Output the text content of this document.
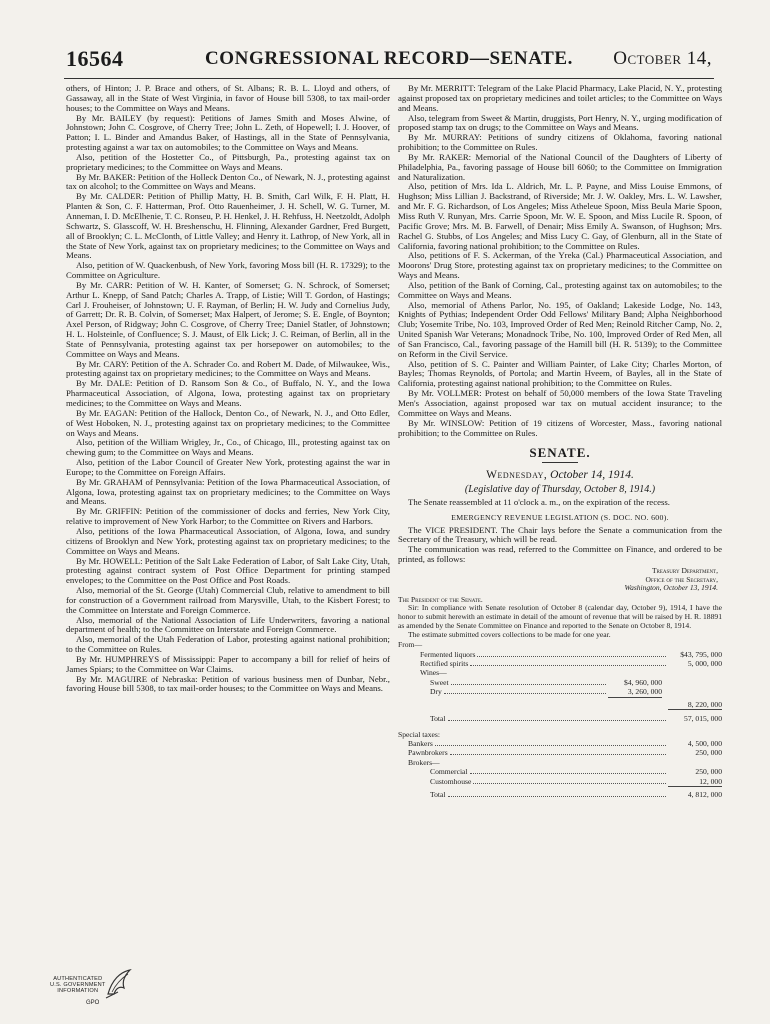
16564	CONGRESSIONAL RECORD—SENATE.	October 14,

others, of Hinton; J. P. Brace and others, of St. Albans; R. B. L. Lloyd and others, of Gassaway, all in the State of West Virginia, in favor of House bill 5308, to tax mail-order houses; to the Committee on Ways and Means.

By Mr. BAILEY (by request): Petitions of James Smith and Moses Alwine, of Johnstown; John C. Cosgrove, of Cherry Tree; John L. Zeth, of Hopewell; I. J. Hoover, of Patton; I. L. Binder and Amandus Baker, of Hastings, all in the State of Pennsylvania, protesting against a war tax on automobiles; to the Committee on Ways and Means.

Also, petition of the Hostetter Co., of Pittsburgh, Pa., protesting against tax on proprietary medicines; to the Committee on Ways and Means.

By Mr. BAKER: Petition of the Holleck Denton Co., of Newark, N. J., protesting against tax on alcohol; to the Committee on Ways and Means.

By Mr. CALDER: Petition of Phillip Matty, H. B. Smith, Carl Wilk, F. H. Platt, H. Planten & Son, C. F. Hatterman, Prof. Otto Rauenheimer, J. H. Schell, W. G. Turner, M. Anneman, I. D. McElhenie, T. C. Ronseu, P. H. Henkel, J. H. Rehfuss, H. Neetzoldt, Adolph Schwartz, S. Glasscoff, W. H. Breshenschu, H. Flinning, Alexander Gardner, Fred Burgett, all of Brooklyn; C. L. McClonth, of Little Valley; and Henry it. Lathrop, of New York, all in the State of New York, against tax on proprietary medicines; to the Committee on Ways and Means.

Also, petition of W. Quackenbush, of New York, favoring Moss bill (H. R. 17329); to the Committee on Agriculture.

By Mr. CARR: Petition of W. H. Kanter, of Somerset; G. N. Schrock, of Somerset; Arthur L. Knepp, of Sand Patch; Charles A. Trapp, of Listie; Will T. Gordon, of Hastings; Carl J. Frouheiser, of Johnstown; U. F. Rayman, of Berlin; H. W. Judy and Cornelius Judy, of Garrett; Dr. R. B. Colvin, of Somerset; Max Halpert, of Jerome; S. E. Engle, of Boynton; Axel Person, of Ridgway; John C. Cosgrove, of Cherry Tree; Daniel Statler, of Johnstown; H. L. Holsteinle, of Confluence; S. J. Maust, of Elk Lick; J. C. Reiman, of Berlin, all in the State of Pennsylvania, protesting against tax per horsepower on automobiles; to the Committee on Ways and Means.

By Mr. CARY: Petition of the A. Schrader Co. and Robert M. Dade, of Milwaukee, Wis., protesting against tax on proprietary medicines; to the Committee on Ways and Means.

By Mr. DALE: Petition of D. Ransom Son & Co., of Buffalo, N. Y., and the Iowa Pharmaceutical Association, of Algona, Iowa, protesting against tax on proprietary medicines; to the Committee on Ways and Means.

By Mr. EAGAN: Petition of the Hallock, Denton Co., of Newark, N. J., and Otto Edler, of West Hoboken, N. J., protesting against tax on proprietary medicines; to the Committee on Ways and Means.

Also, petition of the William Wrigley, Jr., Co., of Chicago, Ill., protesting against tax on chewing gum; to the Committee on Ways and Means.

Also, petition of the Labor Council of Greater New York, protesting against the war in Europe; to the Committee on Foreign Affairs.

By Mr. GRAHAM of Pennsylvania: Petition of the Iowa Pharmaceutical Association, of Algona, Iowa, protesting against tax on proprietary medicines; to the Committee on Ways and Means.

By Mr. GRIFFIN: Petition of the commissioner of docks and ferries, New York City, relative to improvement of New York Harbor; to the Committee on Rivers and Harbors.

Also, petitions of the Iowa Pharmaceutical Association, of Algona, Iowa, and sundry citizens of Brooklyn and New York, protesting against tax on proprietary medicines; to the Committee on Ways and Means.

By Mr. HOWELL: Petition of the Salt Lake Federation of Labor, of Salt Lake City, Utah, protesting against contract system of Post Office Department for printing stamped envelopes; to the Committee on the Post Office and Post Roads.

Also, memorial of the St. George (Utah) Commercial Club, relative to amendment to bill for construction of a Government railroad from Marysville, Utah, to the Kisbert Forest; to the Committee on Interstate and Foreign Commerce.

Also, memorial of the National Association of Life Underwriters, favoring a national department of health; to the Committee on Interstate and Foreign Commerce.

Also, memorial of the Utah Federation of Labor, protesting against national prohibition; to the Committee on Rules.

By Mr. HUMPHREYS of Mississippi: Paper to accompany a bill for relief of heirs of James Spiars; to the Committee on War Claims.

By Mr. MAGUIRE of Nebraska: Petition of various business men of Dunbar, Nebr., favoring House bill 5308, to tax mail-order houses; to the Committee on Ways and Means.

By Mr. MERRITT: Telegram of the Lake Placid Pharmacy, Lake Placid, N. Y., protesting against proposed tax on proprietary medicines and toilet articles; to the Committee on Ways and Means.

Also, telegram from Sweet & Martin, druggists, Port Henry, N. Y., urging modification of proposed stamp tax on drugs; to the Committee on Ways and Means.

By Mr. MURRAY: Petitions of sundry citizens of Oklahoma, favoring national prohibition; to the Committee on Rules.

By Mr. RAKER: Memorial of the National Council of the Daughters of Liberty of Philadelphia, Pa., favoring passage of House bill 6060; to the Committee on Immigration and Naturalization.

Also, petition of Mrs. Ida L. Aldrich, Mr. L. P. Payne, and Miss Louise Emmons, of Hughson; Miss Lillian J. Backstrand, of Riverside; Mr. J. W. Oakley, Mrs. L. W. Lawsher, and Mr. F. G. Richardson, of Los Angeles; Miss Atheleue Spoon, Miss Beula Marie Spoon, Miss Ruth V. Runyan, Mrs. Carrie Spoon, Mr. W. E. Spoon, and Miss Lucile R. Spoon, of Pacific Grove; Mrs. M. B. Farwell, of Denair; Miss Emily A. Swanson, of Hughson; Mrs. Rachel G. Stubbs, of Los Angeles; and Miss Lucy C. Gay, of Glenburn, all in the State of California, favoring national prohibition; to the Committee on Rules.

Also, petitions of F. S. Ackerman, of the Yreka (Cal.) Pharmaceutical Association, and Moorons' Drug Store, protesting against tax on proprietary medicines; to the Committee on Ways and Means.

Also, petition of the Bank of Corning, Cal., protesting against tax on automobiles; to the Committee on Ways and Means.

Also, memorial of Athens Parlor, No. 195, of Oakland; Lakeside Lodge, No. 143, Knights of Pythias; Independent Order Odd Fellows' Military Band; Alpha Neighborhood Club; Yosemite Tribe, No. 103, Improved Order of Red Men; Reinold Ritcher Camp, No. 2, United Spanish War Veterans; Monadnock Tribe, No. 100, Improved Order of Red Men, all of San Francisco, Cal., favoring passage of the Hamill bill (H. R. 5139); to the Committee on Reform in the Civil Service.

Also, petition of S. C. Painter and William Painter, of Lake City; Charles Morton, of Bayles; Thomas Reynolds, of Portola; and Martin Hveem, of Bayles, all in the State of California, protesting against national prohibition; to the Committee on Rules.

By Mr. VOLLMER: Protest on behalf of 50,000 members of the Iowa State Traveling Men's Association, against proposed war tax on mutual accident insurance; to the Committee on Ways and Means.

By Mr. WINSLOW: Petition of 19 citizens of Worcester, Mass., favoring national prohibition; to the Committee on Rules.

SENATE.
Wednesday, October 14, 1914.
(Legislative day of Thursday, October 8, 1914.)

The Senate reassembled at 11 o'clock a. m., on the expiration of the recess.

EMERGENCY REVENUE LEGISLATION (S. DOC. NO. 600).

The VICE PRESIDENT. The Chair lays before the Senate a communication from the Secretary of the Treasury, which will be read.

The communication was read, referred to the Committee on Finance, and ordered to be printed, as follows:

Treasury Department,
Office of the Secretary,
Washington, October 13, 1914.
The President of the Senate.

Sir: In compliance with Senate resolution of October 8 (calendar day, October 9), 1914, I have the honor to submit herewith an estimate in detail of the amount of revenue that will be raised by H. R. 18891 as amended by the Senate Committee on Finance and reported to the Senate on October 8, 1914.

The estimate submitted covers collections to be made for one year.

From—
Fermented liquors	$43, 795, 000
Rectified spirits	5, 000, 000
Wines—
Sweet	$4, 960, 000
Dry	3, 260, 000
8, 220, 000
Total	57, 015, 000
Special taxes:
Bankers	4, 500, 000
Pawnbrokers	250, 000
Brokers—
Commercial	250, 000
Customhouse	12, 000
Total	4, 812, 000
AUTHENTICATED
U.S. GOVERNMENT
INFORMATION
GPO
